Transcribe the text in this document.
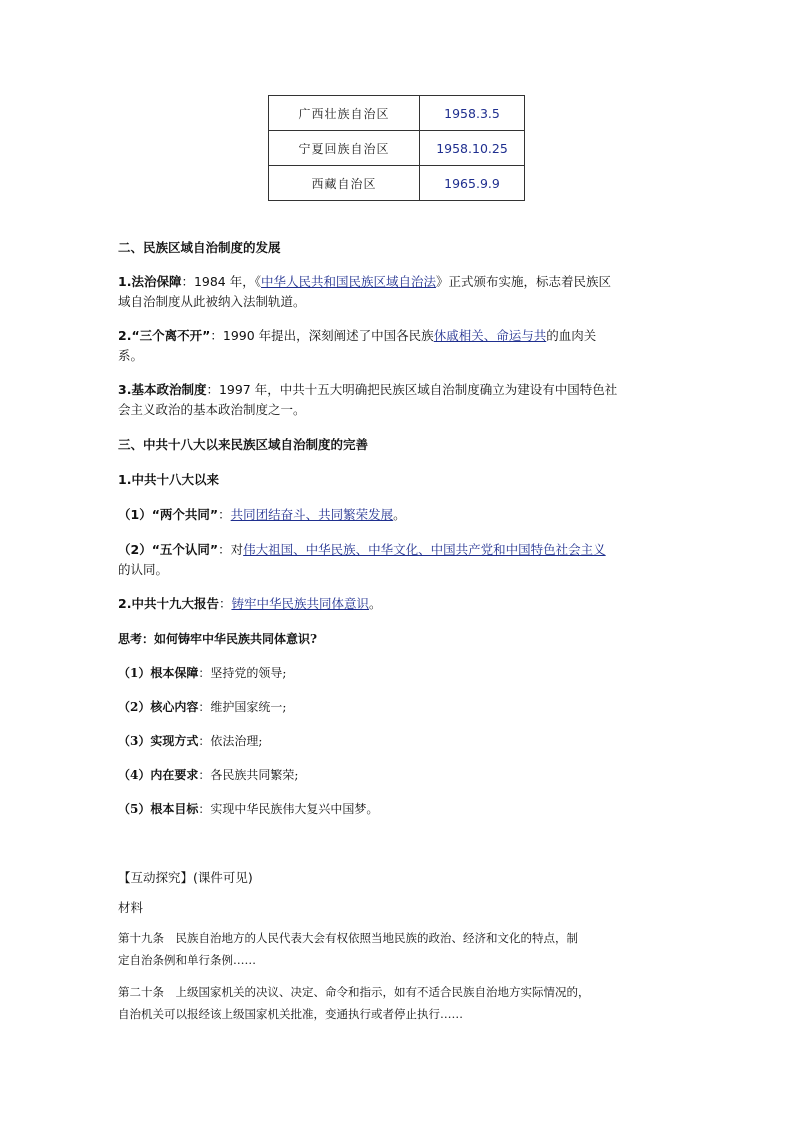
广西壮族自治区	1958.3.5
宁夏回族自治区	1958.10.25
西藏自治区	1965.9.9
二、民族区域自治制度的发展
1.法治保障：1984 年，《中华人民共和国民族区域自治法》正式颁布实施，标志着民族区
域自治制度从此被纳入法制轨道。
2.“三个离不开”：1990 年提出，深刻阐述了中国各民族休戚相关、命运与共的血肉关
系。
3.基本政治制度：1997 年，中共十五大明确把民族区域自治制度确立为建设有中国特色社
会主义政治的基本政治制度之一。
三、中共十八大以来民族区域自治制度的完善
1.中共十八大以来
（1）“两个共同”：共同团结奋斗、共同繁荣发展。
（2）“五个认同”：对伟大祖国、中华民族、中华文化、中国共产党和中国特色社会主义
的认同。
2.中共十九大报告：铸牢中华民族共同体意识。
思考：如何铸牢中华民族共同体意识?
（1）根本保障：坚持党的领导;
（2）核心内容：维护国家统一;
（3）实现方式：依法治理;
（4）内在要求：各民族共同繁荣;
（5）根本目标：实现中华民族伟大复兴中国梦。
【互动探究】(课件可见)
材料
第十九条　民族自治地方的人民代表大会有权依照当地民族的政治、经济和文化的特点，制
定自治条例和单行条例……
第二十条　上级国家机关的决议、决定、命令和指示，如有不适合民族自治地方实际情况的，
自治机关可以报经该上级国家机关批准，变通执行或者停止执行……
